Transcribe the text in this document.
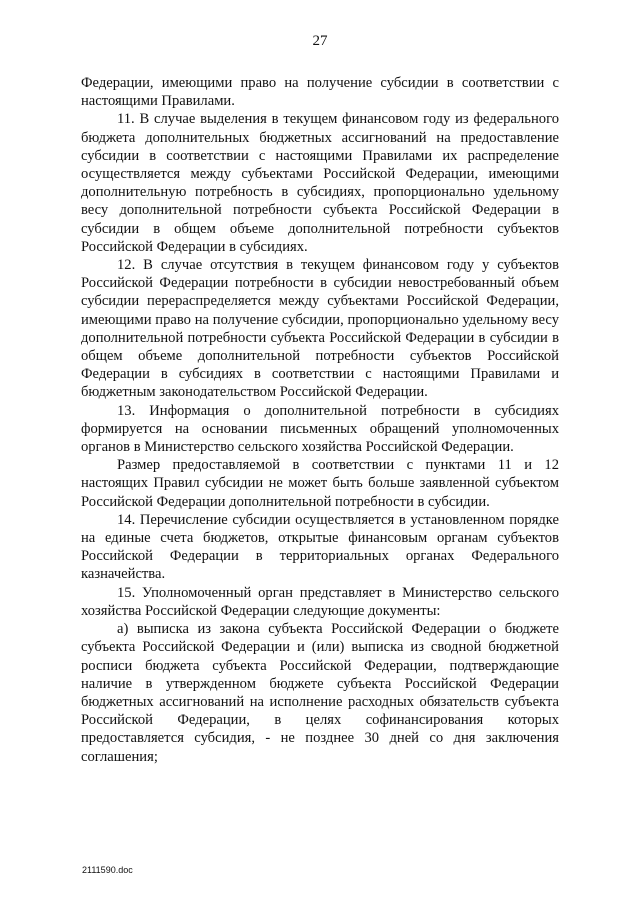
27

Федерации, имеющими право на получение субсидии в соответствии с настоящими Правилами.

11. В случае выделения в текущем финансовом году из федерального бюджета дополнительных бюджетных ассигнований на предоставление субсидии в соответствии с настоящими Правилами их распределение осуществляется между субъектами Российской Федерации, имеющими дополнительную потребность в субсидиях, пропорционально удельному весу дополнительной потребности субъекта Российской Федерации в субсидии в общем объеме дополнительной потребности субъектов Российской Федерации в субсидиях.

12. В случае отсутствия в текущем финансовом году у субъектов Российской Федерации потребности в субсидии невостребованный объем субсидии перераспределяется между субъектами Российской Федерации, имеющими право на получение субсидии, пропорционально удельному весу дополнительной потребности субъекта Российской Федерации в субсидии в общем объеме дополнительной потребности субъектов Российской Федерации в субсидиях в соответствии с настоящими Правилами и бюджетным законодательством Российской Федерации.

13. Информация о дополнительной потребности в субсидиях формируется на основании письменных обращений уполномоченных органов в Министерство сельского хозяйства Российской Федерации.

Размер предоставляемой в соответствии с пунктами 11 и 12 настоящих Правил субсидии не может быть больше заявленной субъектом Российской Федерации дополнительной потребности в субсидии.

14. Перечисление субсидии осуществляется в установленном порядке на единые счета бюджетов, открытые финансовым органам субъектов Российской Федерации в территориальных органах Федерального казначейства.

15. Уполномоченный орган представляет в Министерство сельского хозяйства Российской Федерации следующие документы:

а) выписка из закона субъекта Российской Федерации о бюджете субъекта Российской Федерации и (или) выписка из сводной бюджетной росписи бюджета субъекта Российской Федерации, подтверждающие наличие в утвержденном бюджете субъекта Российской Федерации бюджетных ассигнований на исполнение расходных обязательств субъекта Российской Федерации, в целях софинансирования которых предоставляется субсидия, - не позднее 30 дней со дня заключения соглашения;

2111590.doc
